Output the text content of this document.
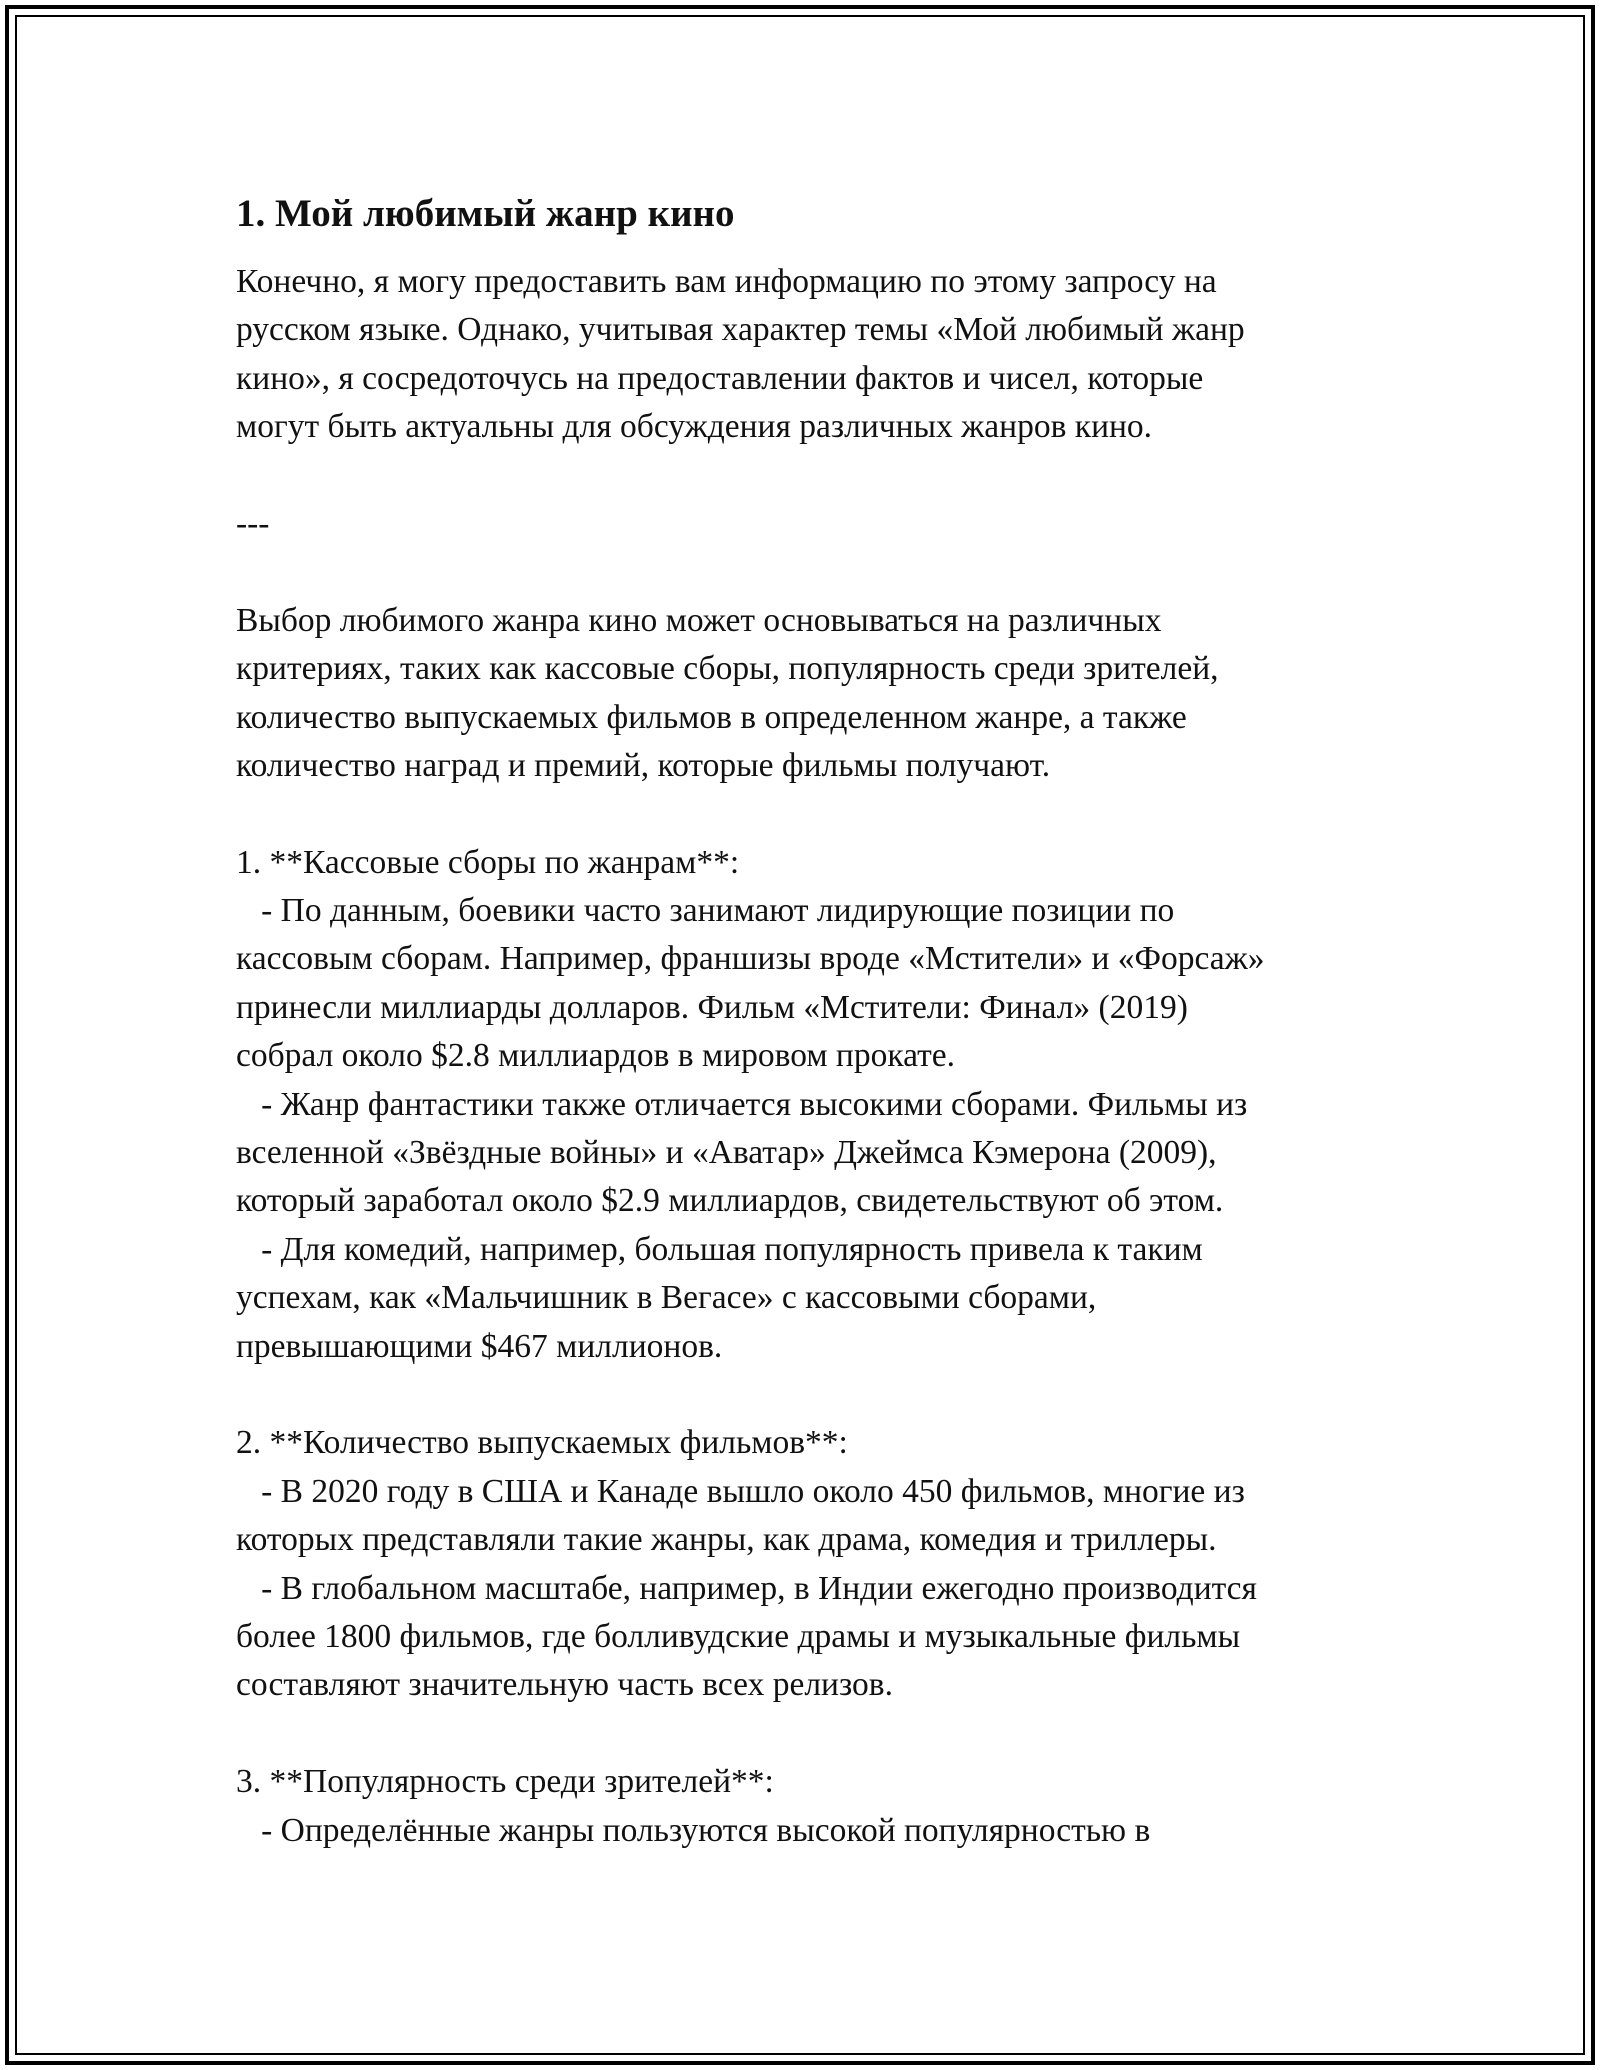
1. Мой любимый жанр кино
Конечно, я могу предоставить вам информацию по этому запросу на
русском языке. Однако, учитывая характер темы «Мой любимый жанр
кино», я сосредоточусь на предоставлении фактов и чисел, которые
могут быть актуальны для обсуждения различных жанров кино.
---
Выбор любимого жанра кино может основываться на различных
критериях, таких как кассовые сборы, популярность среди зрителей,
количество выпускаемых фильмов в определенном жанре, а также
количество наград и премий, которые фильмы получают.
1. **Кассовые сборы по жанрам**:
- По данным, боевики часто занимают лидирующие позиции по
кассовым сборам. Например, франшизы вроде «Мстители» и «Форсаж»
принесли миллиарды долларов. Фильм «Мстители: Финал» (2019)
собрал около $2.8 миллиардов в мировом прокате.
- Жанр фантастики также отличается высокими сборами. Фильмы из
вселенной «Звёздные войны» и «Аватар» Джеймса Кэмерона (2009),
который заработал около $2.9 миллиардов, свидетельствуют об этом.
- Для комедий, например, большая популярность привела к таким
успехам, как «Мальчишник в Вегасе» с кассовыми сборами,
превышающими $467 миллионов.
2. **Количество выпускаемых фильмов**:
- В 2020 году в США и Канаде вышло около 450 фильмов, многие из
которых представляли такие жанры, как драма, комедия и триллеры.
- В глобальном масштабе, например, в Индии ежегодно производится
более 1800 фильмов, где болливудские драмы и музыкальные фильмы
составляют значительную часть всех релизов.
3. **Популярность среди зрителей**:
- Определённые жанры пользуются высокой популярностью в
